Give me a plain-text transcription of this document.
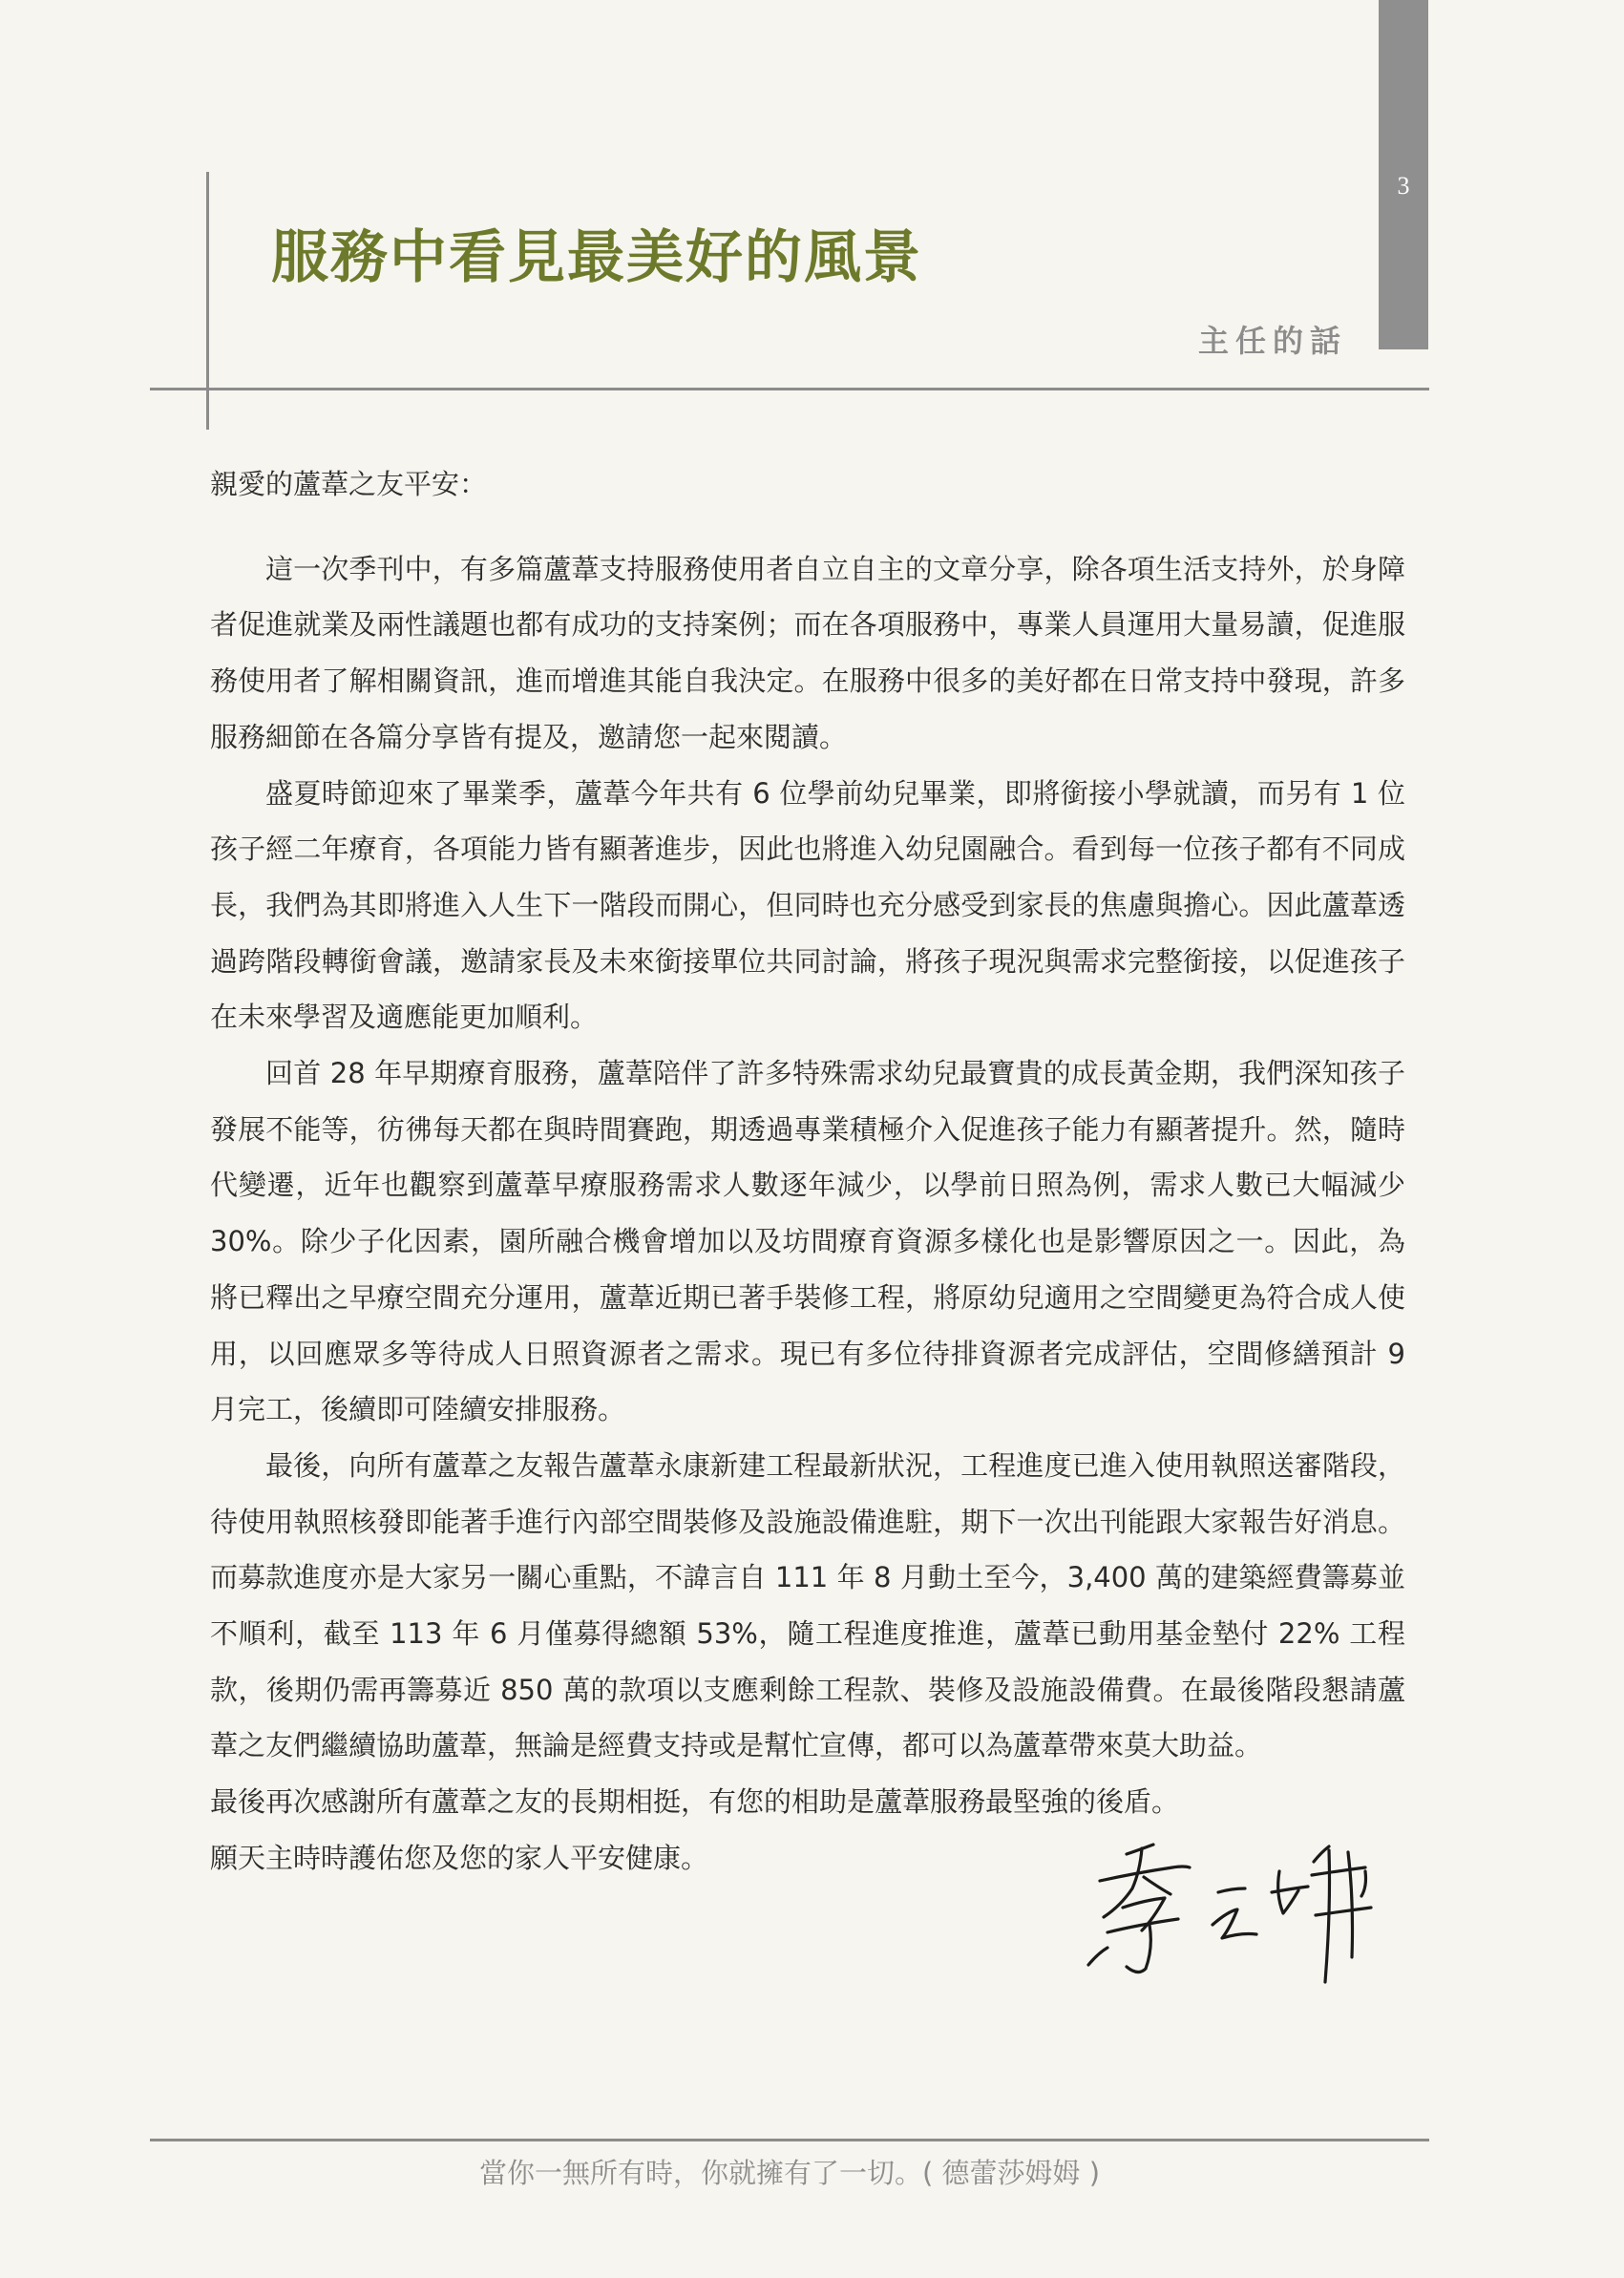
3
服務中看見最美好的風景
主任的話

親愛的蘆葦之友平安：

這一次季刊中，有多篇蘆葦支持服務使用者自立自主的文章分享，除各項生活支持外，於身障者促進就業及兩性議題也都有成功的支持案例；而在各項服務中，專業人員運用大量易讀，促進服務使用者了解相關資訊，進而增進其能自我決定。在服務中很多的美好都在日常支持中發現，許多服務細節在各篇分享皆有提及，邀請您一起來閱讀。

盛夏時節迎來了畢業季，蘆葦今年共有 6 位學前幼兒畢業，即將銜接小學就讀，而另有 1 位孩子經二年療育，各項能力皆有顯著進步，因此也將進入幼兒園融合。看到每一位孩子都有不同成長，我們為其即將進入人生下一階段而開心，但同時也充分感受到家長的焦慮與擔心。因此蘆葦透過跨階段轉銜會議，邀請家長及未來銜接單位共同討論，將孩子現況與需求完整銜接，以促進孩子在未來學習及適應能更加順利。

回首 28 年早期療育服務，蘆葦陪伴了許多特殊需求幼兒最寶貴的成長黃金期，我們深知孩子發展不能等，彷彿每天都在與時間賽跑，期透過專業積極介入促進孩子能力有顯著提升。然，隨時代變遷，近年也觀察到蘆葦早療服務需求人數逐年減少，以學前日照為例，需求人數已大幅減少 30%。除少子化因素，園所融合機會增加以及坊間療育資源多樣化也是影響原因之一。因此，為將已釋出之早療空間充分運用，蘆葦近期已著手裝修工程，將原幼兒適用之空間變更為符合成人使用，以回應眾多等待成人日照資源者之需求。現已有多位待排資源者完成評估，空間修繕預計 9 月完工，後續即可陸續安排服務。

最後，向所有蘆葦之友報告蘆葦永康新建工程最新狀況，工程進度已進入使用執照送審階段，待使用執照核發即能著手進行內部空間裝修及設施設備進駐，期下一次出刊能跟大家報告好消息。而募款進度亦是大家另一關心重點，不諱言自 111 年 8 月動土至今，3,400 萬的建築經費籌募並不順利，截至 113 年 6 月僅募得總額 53%，隨工程進度推進，蘆葦已動用基金墊付 22% 工程款，後期仍需再籌募近 850 萬的款項以支應剩餘工程款、裝修及設施設備費。在最後階段懇請蘆葦之友們繼續協助蘆葦，無論是經費支持或是幫忙宣傳，都可以為蘆葦帶來莫大助益。

最後再次感謝所有蘆葦之友的長期相挺，有您的相助是蘆葦服務最堅強的後盾。

願天主時時護佑您及您的家人平安健康。

當你一無所有時，你就擁有了一切。( 德蕾莎姆姆 )
